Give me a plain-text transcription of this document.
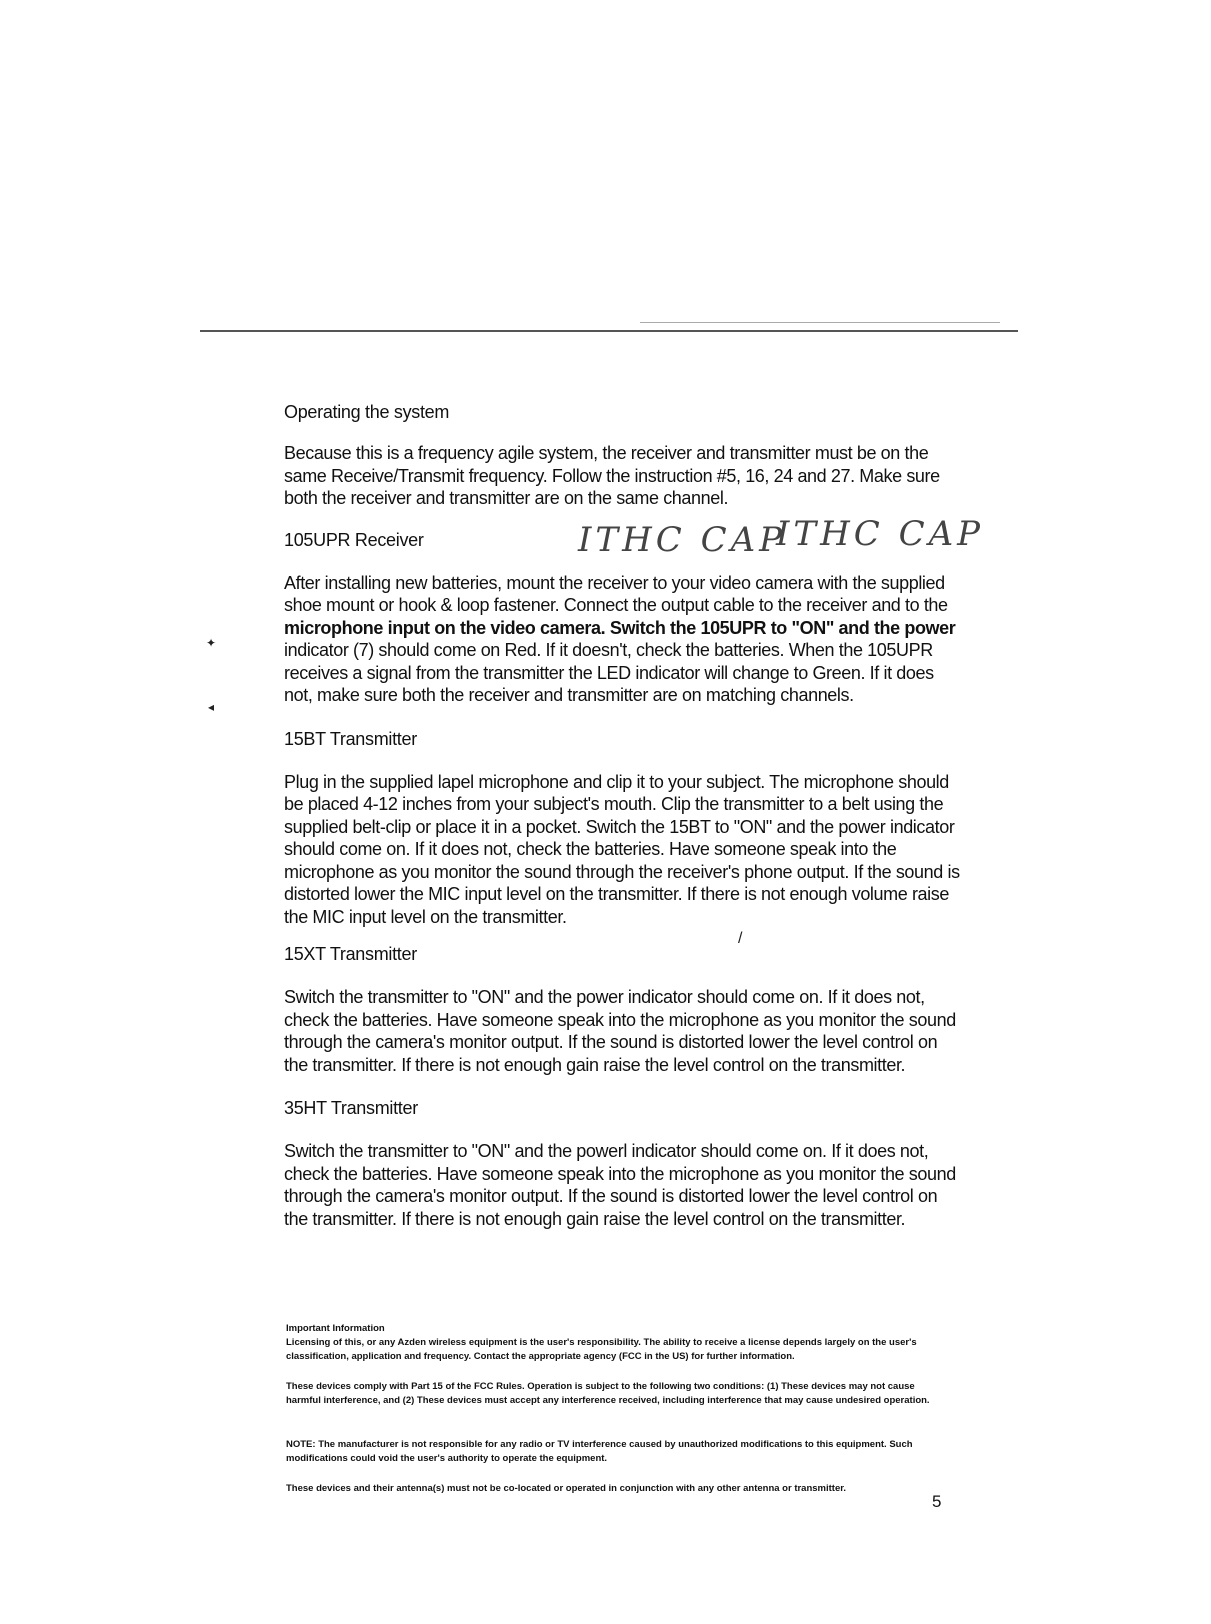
Operating the system

Because this is a frequency agile system, the receiver and transmitter must be on the same Receive/Transmit frequency. Follow the instruction #5, 16, 24 and 27. Make sure both the receiver and transmitter are on the same channel.

105UPR Receiver

After installing new batteries, mount the receiver to your video camera with the supplied shoe mount or hook & loop fastener. Connect the output cable to the receiver and to the microphone input on the video camera. Switch the 105UPR to "ON" and the power indicator (7) should come on Red. If it doesn't, check the batteries. When the 105UPR receives a signal from the transmitter the LED indicator will change to Green. If it does not, make sure both the receiver and transmitter are on matching channels.

15BT Transmitter

Plug in the supplied lapel microphone and clip it to your subject. The microphone should be placed 4-12 inches from your subject's mouth. Clip the transmitter to a belt using the supplied belt-clip or place it in a pocket. Switch the 15BT to "ON" and the power indicator should come on. If it does not, check the batteries. Have someone speak into the microphone as you monitor the sound through the receiver's phone output. If the sound is distorted lower the MIC input level on the transmitter. If there is not enough volume raise the MIC input level on the transmitter.

15XT Transmitter

Switch the transmitter to "ON" and the power indicator should come on. If it does not, check the batteries. Have someone speak into the microphone as you monitor the sound through the camera's monitor output. If the sound is distorted lower the level control on the transmitter. If there is not enough gain raise the level control on the transmitter.

35HT Transmitter

Switch the transmitter to "ON" and the powerl indicator should come on. If it does not, check the batteries. Have someone speak into the microphone as you monitor the sound through the camera's monitor output. If the sound is distorted lower the level control on the transmitter. If there is not enough gain raise the level control on the transmitter.

ITHC CAP
ITHC CAP
✦
◂
/

Important Information

Licensing of this, or any Azden wireless equipment is the user's responsibility. The ability to receive a license depends largely on the user's classification, application and frequency. Contact the appropriate agency (FCC in the US) for further information.

These devices comply with Part 15 of the FCC Rules. Operation is subject to the following two conditions: (1) These devices may not cause harmful interference, and (2) These devices must accept any interference received, including interference that may cause undesired operation.

NOTE: The manufacturer is not responsible for any radio or TV interference caused by unauthorized modifications to this equipment. Such modifications could void the user's authority to operate the equipment.

These devices and their antenna(s) must not be co-located or operated in conjunction with any other antenna or transmitter.

5
